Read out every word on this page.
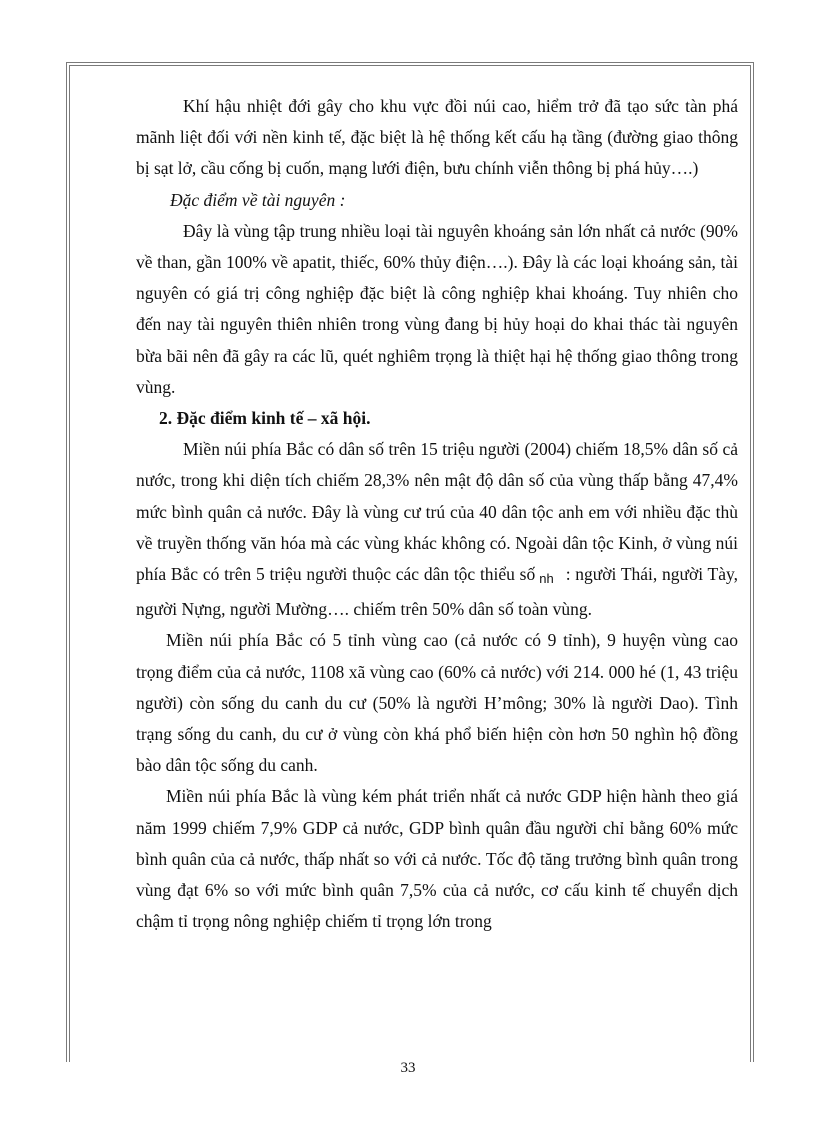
Khí hậu nhiệt đới gây cho khu vực đồi núi cao, hiểm trở đã tạo sức tàn phá mãnh liệt đối với nền kinh tế, đặc biệt là hệ thống kết cấu hạ tầng (đường giao thông bị sạt lở, cầu cống bị cuốn, mạng lưới điện, bưu chính viễn thông bị phá hủy….)

Đặc điểm về tài nguyên :

Đây là vùng tập trung nhiều loại tài nguyên khoáng sản lớn nhất cả nước (90% về than, gần 100% về apatit, thiếc, 60% thủy điện….). Đây là các loại khoáng sản, tài nguyên có giá trị công nghiệp đặc biệt là công nghiệp khai khoáng. Tuy nhiên cho đến nay tài nguyên thiên nhiên trong vùng đang bị hủy hoại do khai thác tài nguyên bừa bãi nên đã gây ra các lũ, quét nghiêm trọng là thiệt hại hệ thống giao thông trong vùng.

2. Đặc điểm kinh tế – xã hội.

Miền núi phía Bắc có dân số trên 15 triệu người (2004) chiếm 18,5% dân số cả nước, trong khi diện tích chiếm 28,3% nên mật độ dân số của vùng thấp bằng 47,4% mức bình quân cả nước. Đây là vùng cư trú của 40 dân tộc anh em với nhiều đặc thù về truyền thống văn hóa mà các vùng khác không có. Ngoài dân tộc Kinh, ở vùng núi phía Bắc có trên 5 triệu người thuộc các dân tộc thiểu số nh : người Thái, người Tày, người Nựng, người Mường…. chiếm trên 50% dân số toàn vùng.

Miền núi phía Bắc có 5 tỉnh vùng cao (cả nước có 9 tỉnh), 9 huyện vùng cao trọng điểm của cả nước, 1108 xã vùng cao (60% cả nước) với 214. 000 hé (1, 43 triệu người) còn sống du canh du cư (50% là người H’mông; 30% là người Dao). Tình trạng sống du canh, du cư ở vùng còn khá phổ biến hiện còn hơn 50 nghìn hộ đồng bào dân tộc sống du canh.

Miền núi phía Bắc là vùng kém phát triển nhất cả nước GDP hiện hành theo giá năm 1999 chiếm 7,9% GDP cả nước, GDP bình quân đầu người chỉ bằng 60% mức bình quân của cả nước, thấp nhất so với cả nước. Tốc độ tăng trưởng bình quân trong vùng đạt 6% so với mức bình quân 7,5% của cả nước, cơ cấu kinh tế chuyển dịch chậm tỉ trọng nông nghiệp chiếm tỉ trọng lớn trong

33
